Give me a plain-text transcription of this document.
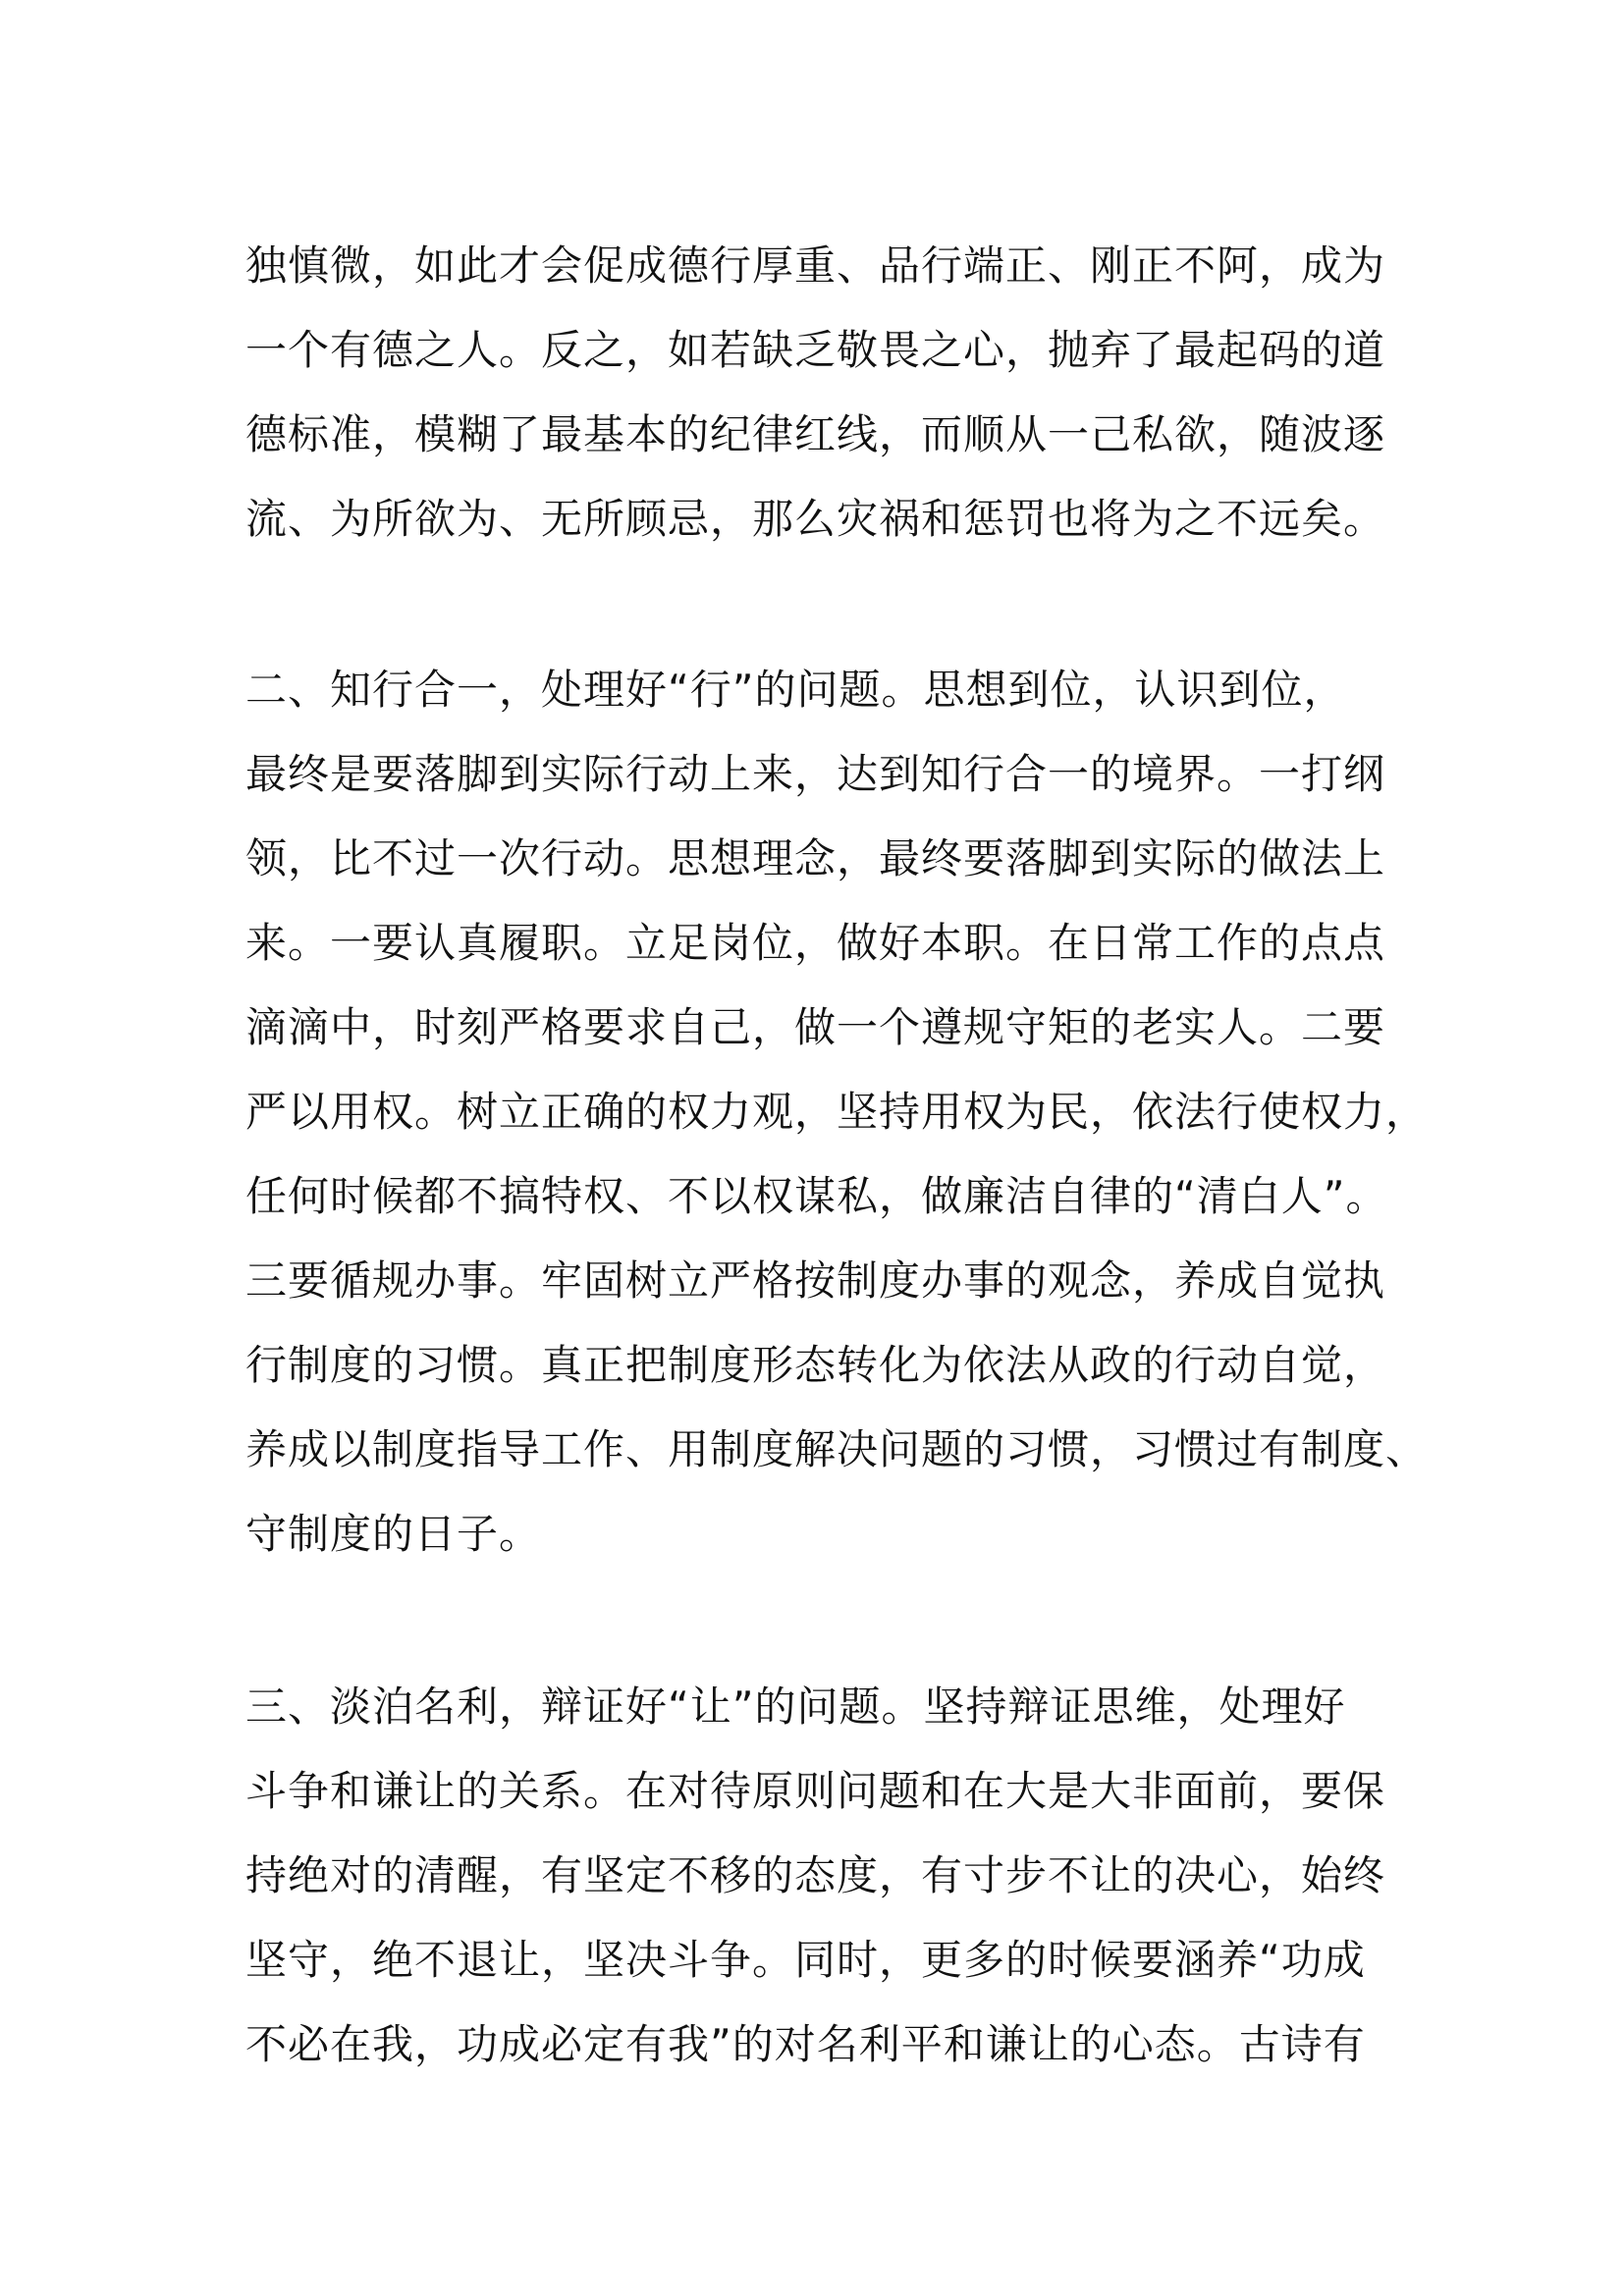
独慎微，如此才会促成德行厚重、品行端正、刚正不阿，成为
一个有德之人。反之，如若缺乏敬畏之心，抛弃了最起码的道
德标准，模糊了最基本的纪律红线，而顺从一己私欲，随波逐
流、为所欲为、无所顾忌，那么灾祸和惩罚也将为之不远矣。
二、知行合一，处理好“行”的问题。思想到位，认识到位，
最终是要落脚到实际行动上来，达到知行合一的境界。一打纲
领，比不过一次行动。思想理念，最终要落脚到实际的做法上
来。一要认真履职。立足岗位，做好本职。在日常工作的点点
滴滴中，时刻严格要求自己，做一个遵规守矩的老实人。二要
严以用权。树立正确的权力观，坚持用权为民，依法行使权力，
任何时候都不搞特权、不以权谋私，做廉洁自律的“清白人”。
三要循规办事。牢固树立严格按制度办事的观念，养成自觉执
行制度的习惯。真正把制度形态转化为依法从政的行动自觉，
养成以制度指导工作、用制度解决问题的习惯，习惯过有制度、
守制度的日子。
三、淡泊名利，辩证好“让”的问题。坚持辩证思维，处理好
斗争和谦让的关系。在对待原则问题和在大是大非面前，要保
持绝对的清醒，有坚定不移的态度，有寸步不让的决心，始终
坚守，绝不退让，坚决斗争。同时，更多的时候要涵养“功成
不必在我，功成必定有我”的对名利平和谦让的心态。古诗有
